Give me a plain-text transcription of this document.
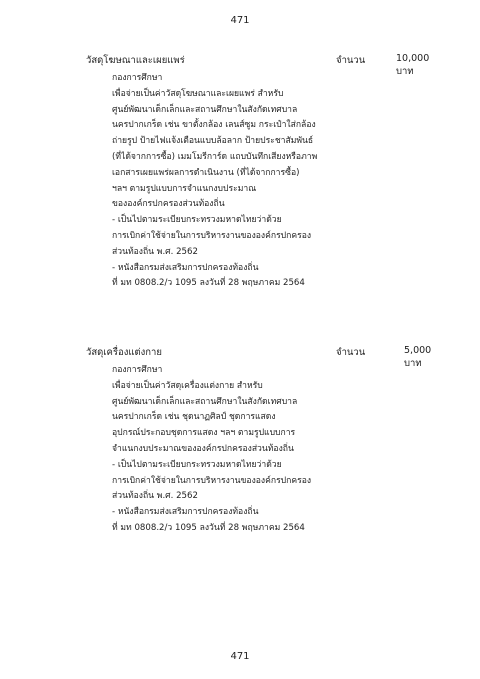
471
วัสดุโฆษณาและเผยแพร่	จำนวน	10,000 บาท
กองการศึกษา
เพื่อจ่ายเป็นค่าวัสดุโฆษณาและเผยแพร่ สำหรับ
ศูนย์พัฒนาเด็กเล็กและสถานศึกษาในสังกัดเทศบาล
นครปากเกร็ด เช่น ขาตั้งกล้อง เลนส์ซูม กระเป๋าใส่กล้อง
ถ่ายรูป ป้ายไฟแจ้งเตือนแบบล้อลาก ป้ายประชาสัมพันธ์
(ที่ได้จากการซื้อ) เมมโมรีการ์ด แถบบันทึกเสียงหรือภาพ
เอกสารเผยแพร่ผลการดำเนินงาน (ที่ได้จากการซื้อ)
ฯลฯ ตามรูปแบบการจำแนกงบประมาณ
ขององค์กรปกครองส่วนท้องถิ่น
- เป็นไปตามระเบียบกระทรวงมหาดไทยว่าด้วย
การเบิกค่าใช้จ่ายในการบริหารงานขององค์กรปกครอง
ส่วนท้องถิ่น พ.ศ. 2562
- หนังสือกรมส่งเสริมการปกครองท้องถิ่น
ที่ มท 0808.2/ว 1095 ลงวันที่ 28 พฤษภาคม 2564
วัสดุเครื่องแต่งกาย	จำนวน	5,000 บาท
กองการศึกษา
เพื่อจ่ายเป็นค่าวัสดุเครื่องแต่งกาย สำหรับ
ศูนย์พัฒนาเด็กเล็กและสถานศึกษาในสังกัดเทศบาล
นครปากเกร็ด เช่น ชุดนาฏศิลป์ ชุดการแสดง
อุปกรณ์ประกอบชุดการแสดง ฯลฯ ตามรูปแบบการ
จำแนกงบประมาณขององค์กรปกครองส่วนท้องถิ่น
- เป็นไปตามระเบียบกระทรวงมหาดไทยว่าด้วย
การเบิกค่าใช้จ่ายในการบริหารงานขององค์กรปกครอง
ส่วนท้องถิ่น พ.ศ. 2562
- หนังสือกรมส่งเสริมการปกครองท้องถิ่น
ที่ มท 0808.2/ว 1095 ลงวันที่ 28 พฤษภาคม 2564
471
